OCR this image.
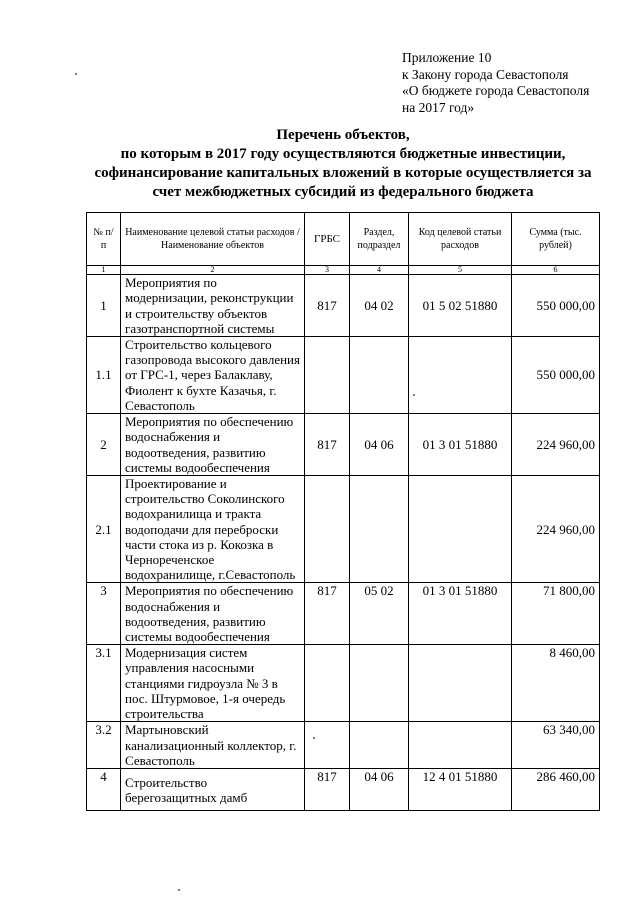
Приложение 10
к Закону города Севастополя
«О бюджете города Севастополя
на 2017 год»
Перечень объектов,
по которым в 2017 году осуществляются бюджетные инвестиции,
софинансирование капитальных вложений в которые осуществляется за
счет межбюджетных субсидий из федерального бюджета
№ п/п	Наименование целевой статьи расходов / Наименование объектов	ГРБС	Раздел, подраздел	Код целевой статьи расходов	Сумма (тыс. рублей)
1	2	3	4	5	6
1	Мероприятия по модернизации, реконструкции и строительству объектов газотранспортной системы	817	04 02	01 5 02 51880	550 000,00
1.1	Строительство кольцевого газопровода высокого давления от ГРС-1, через Балаклаву, Фиолент к бухте Казачья, г. Севастополь				550 000,00
2	Мероприятия по обеспечению водоснабжения и водоотведения, развитию системы водообеспечения	817	04 06	01 3 01 51880	224 960,00
2.1	Проектирование и строительство Соколинского водохранилища и тракта водоподачи для переброски части стока из р. Кокозка в Чернореченское водохранилище, г.Севастополь				224 960,00
3	Мероприятия по обеспечению водоснабжения и водоотведения, развитию системы водообеспечения	817	05 02	01 3 01 51880	71 800,00
3.1	Модернизация систем управления насосными станциями гидроузла № 3 в пос. Штурмовое, 1-я очередь строительства				8 460,00
3.2	Мартыновский канализационный коллектор, г. Севастополь				63 340,00
4	Строительство берегозащитных дамб	817	04 06	12 4 01 51880	286 460,00
